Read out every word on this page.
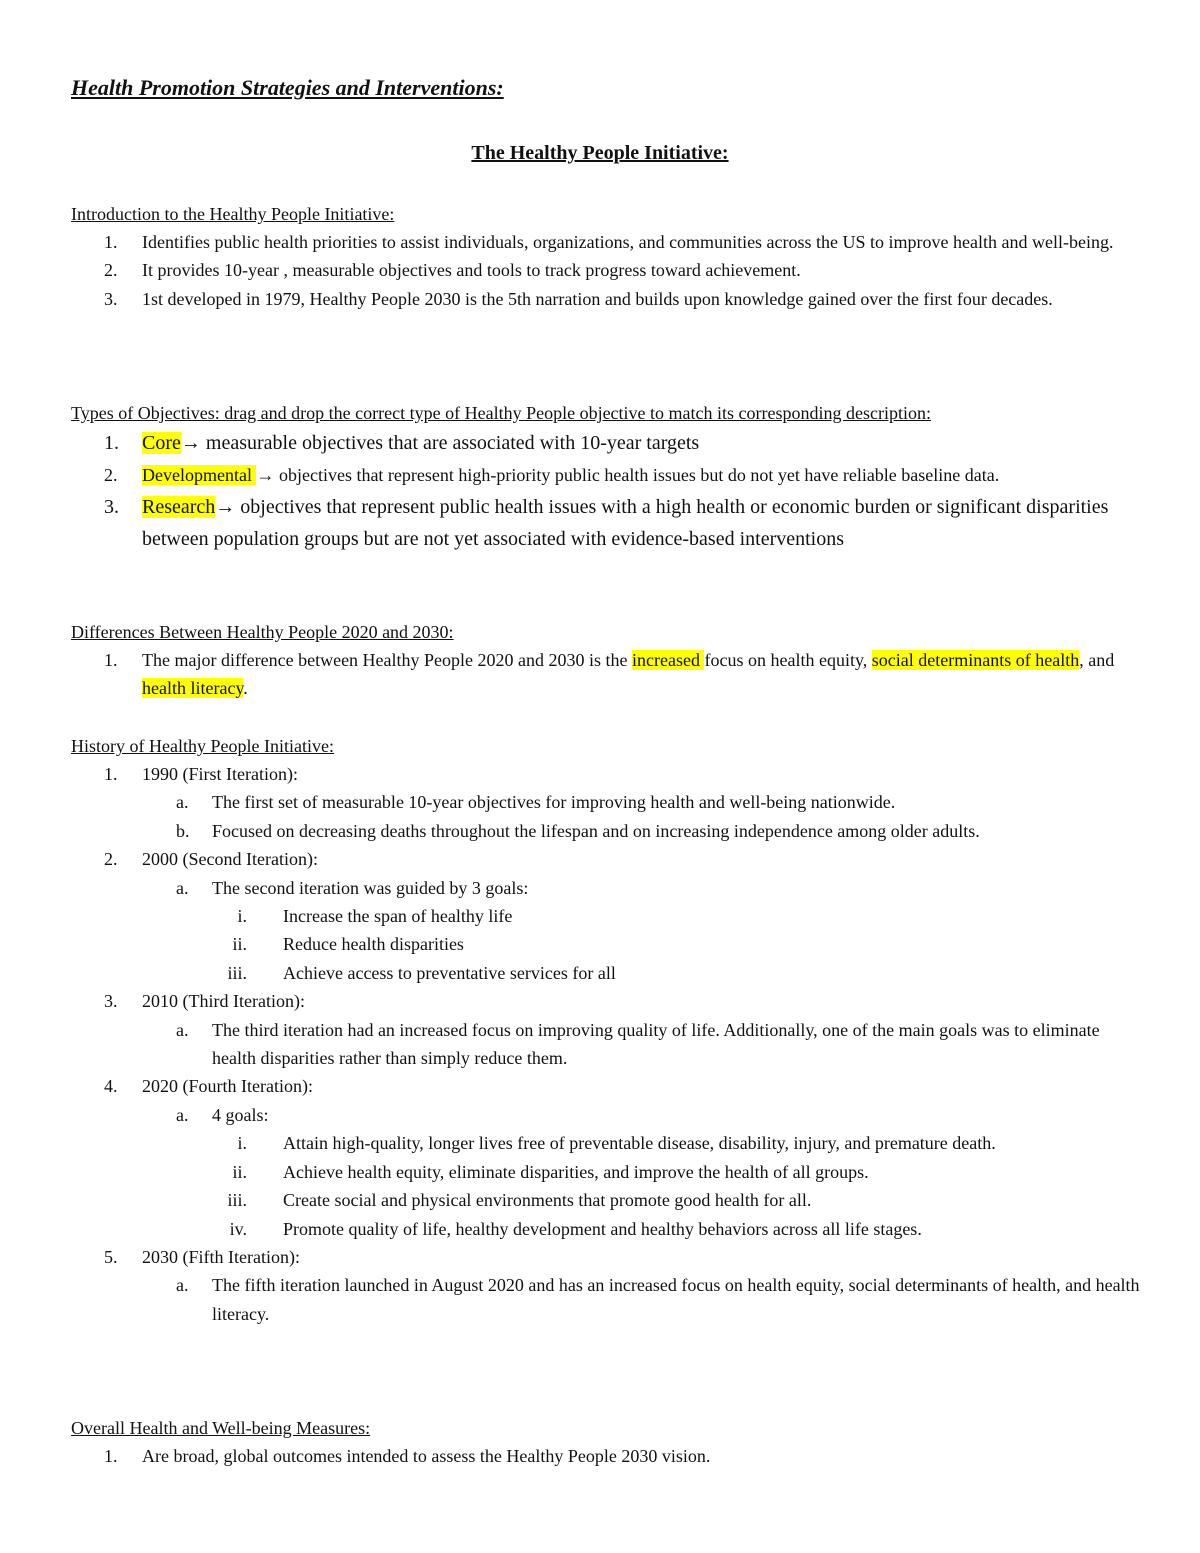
Health Promotion Strategies and Interventions:
The Healthy People Initiative:

Introduction to the Healthy People Initiative:

1.	Identifies public health priorities to assist individuals, organizations, and communities across the US to improve health and well-being.
2.	It provides 10-year , measurable objectives and tools to track progress toward achievement.
3.	1st developed in 1979, Healthy People 2030 is the 5th narration and builds upon knowledge gained over the first four decades.

Types of Objectives: drag and drop the correct type of Healthy People objective to match its corresponding description:

1.	Core→ measurable objectives that are associated with 10-year targets
2.	Developmental → objectives that represent high-priority public health issues but do not yet have reliable baseline data.
3.	Research→ objectives that represent public health issues with a high health or economic burden or significant disparities between population groups but are not yet associated with evidence-based interventions

Differences Between Healthy People 2020 and 2030:

1.	The major difference between Healthy People 2020 and 2030 is the increased focus on health equity, social determinants of health, and health literacy.

History of Healthy People Initiative:

1.	1990 (First Iteration):
a.	The first set of measurable 10-year objectives for improving health and well-being nationwide.
b.	Focused on decreasing deaths throughout the lifespan and on increasing independence among older adults.
2.	2000 (Second Iteration):
a.	The second iteration was guided by 3 goals:
i. Increase the span of healthy life
ii. Reduce health disparities
iii. Achieve access to preventative services for all
3.	2010 (Third Iteration):
a.	The third iteration had an increased focus on improving quality of life. Additionally, one of the main goals was to eliminate health disparities rather than simply reduce them.
4.	2020 (Fourth Iteration):
a.	4 goals:
i. Attain high-quality, longer lives free of preventable disease, disability, injury, and premature death.
ii. Achieve health equity, eliminate disparities, and improve the health of all groups.
iii. Create social and physical environments that promote good health for all.
iv. Promote quality of life, healthy development and healthy behaviors across all life stages.
5.	2030 (Fifth Iteration):
a.	The fifth iteration launched in August 2020 and has an increased focus on health equity, social determinants of health, and health literacy.

Overall Health and Well-being Measures:

1.	Are broad, global outcomes intended to assess the Healthy People 2030 vision.
